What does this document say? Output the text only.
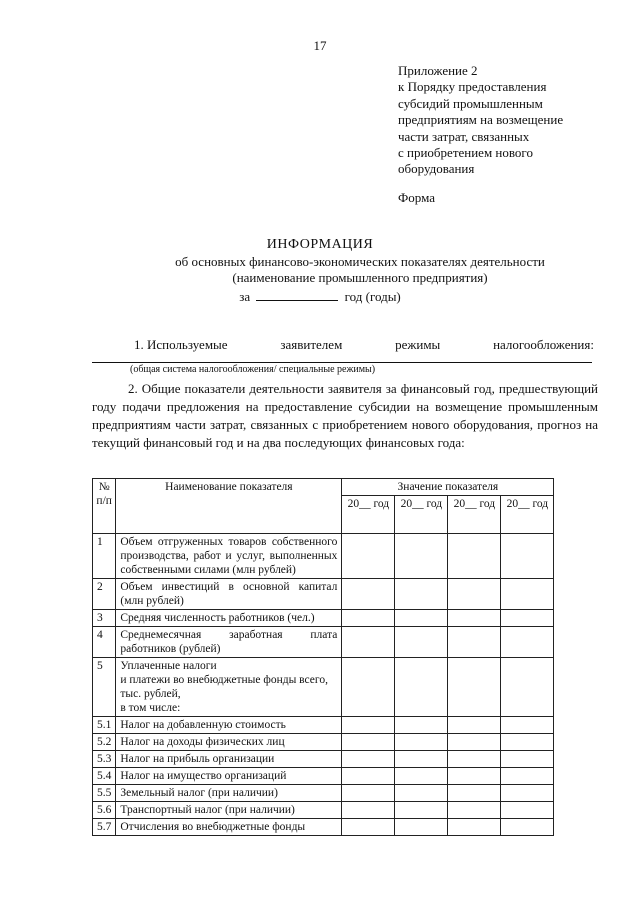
17
Приложение 2
к Порядку предоставления
субсидий промышленным
предприятиям на возмещение
части затрат, связанных
с приобретением нового
оборудования
Форма
ИНФОРМАЦИЯ
об основных финансово-экономических показателях деятельности
(наименование промышленного предприятия)
за	год (годы)
1. Используемые	заявителем	режимы	налогообложения:
(общая система налогообложения/ специальные режимы)
2. Общие показатели деятельности заявителя за финансовый год, предшествующий году подачи предложения на предоставление субсидии на возмещение промышленным предприятиям части затрат, связанных с приобретением нового оборудования, прогноз на текущий финансовый год и на два последующих финансовых года:
№ п/п	Наименование показателя	Значение показателя			
		20__ год	20__ год	20__ год	20__ год
1	Объем отгруженных товаров собственного производства, работ и услуг, выполненных собственными силами (млн рублей)				
2	Объем инвестиций в основной капитал (млн рублей)				
3	Средняя численность работников (чел.)				
4	Среднемесячная заработная плата работников (рублей)				
5	Уплаченные налоги
и платежи во внебюджетные фонды всего, тыс. рублей,
в том числе:				
5.1	Налог на добавленную стоимость				
5.2	Налог на доходы физических лиц				
5.3	Налог на прибыль организации				
5.4	Налог на имущество организаций				
5.5	Земельный налог (при наличии)				
5.6	Транспортный налог (при наличии)				
5.7	Отчисления во внебюджетные фонды				
